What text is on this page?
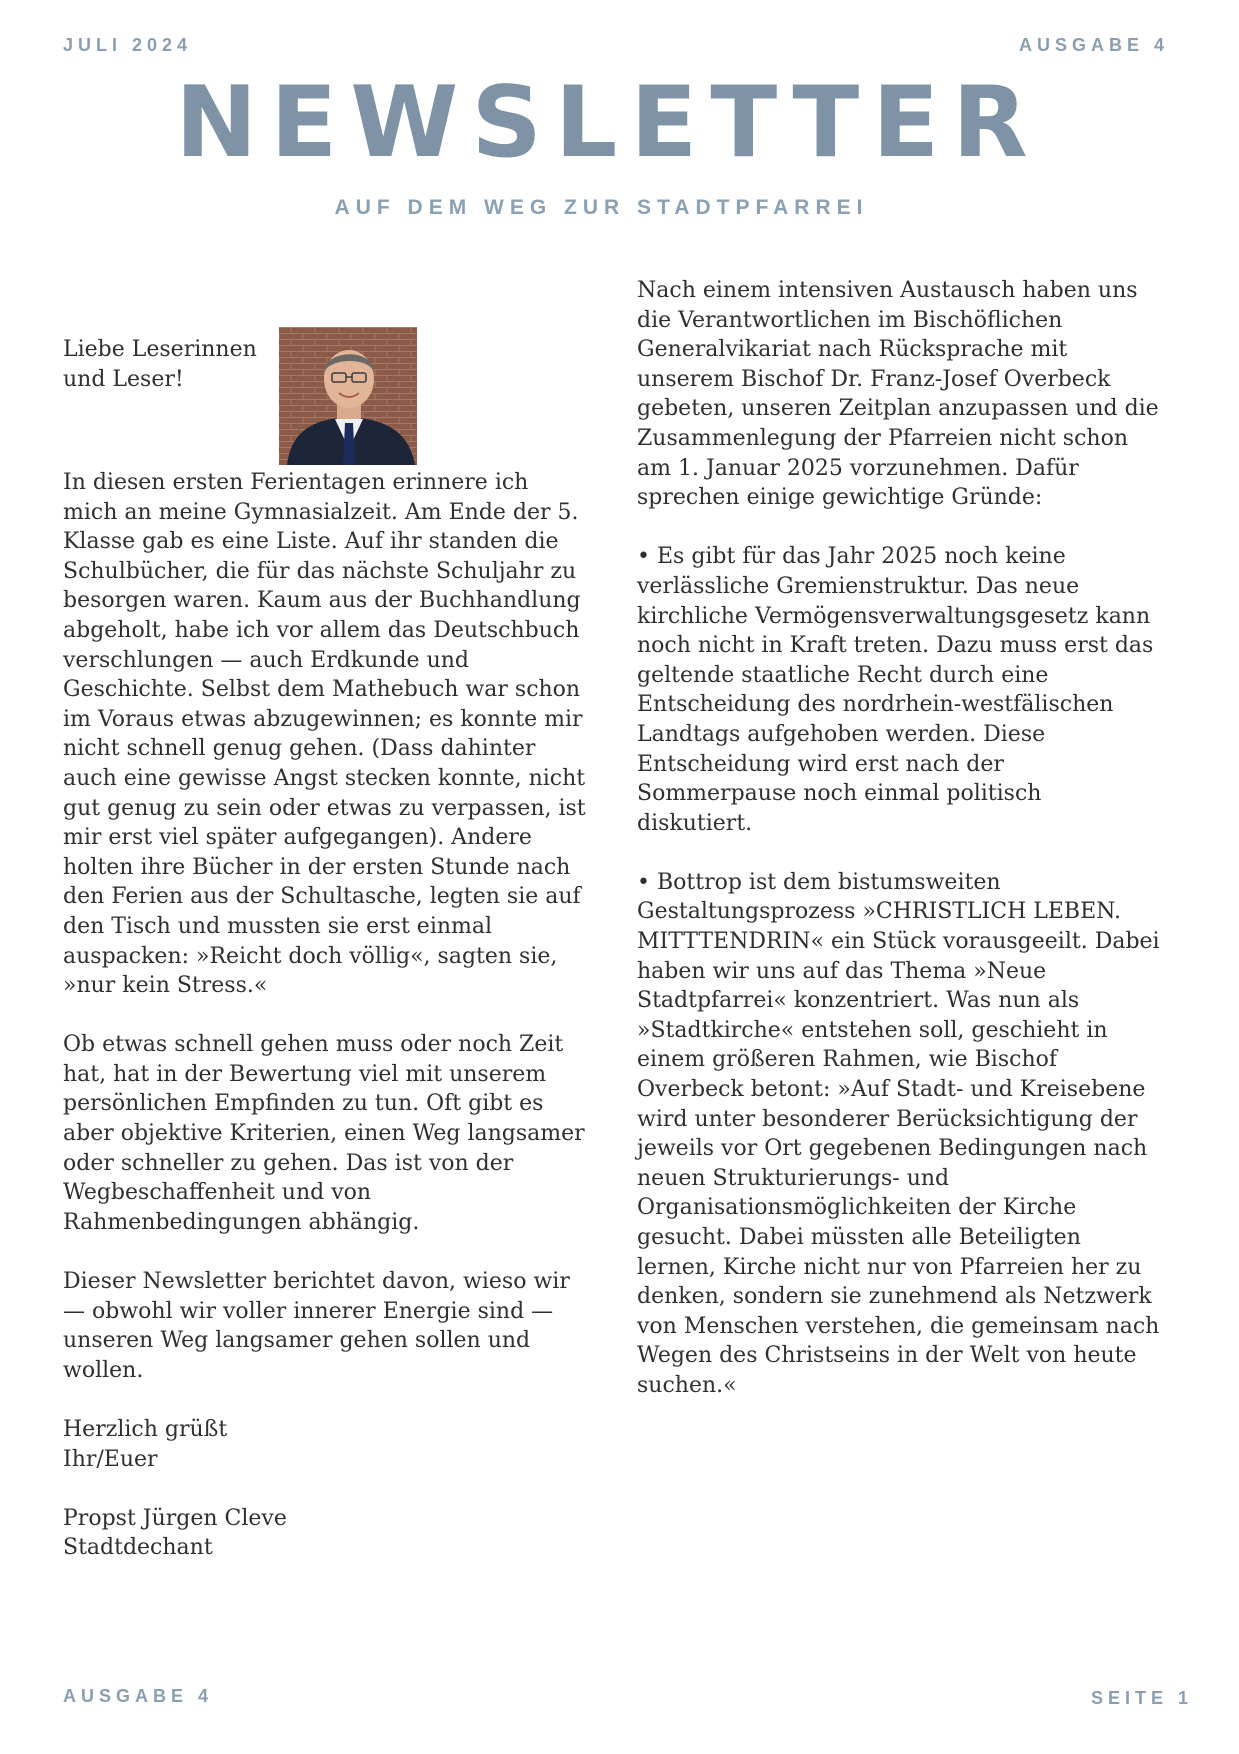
JULI 2024	AUSGABE 4
NEWSLETTER
AUF DEM WEG ZUR STADTPFARREI
Liebe Leserinnen
und Leser!

In diesen ersten Ferientagen erinnere ich
mich an meine Gymnasialzeit. Am Ende der 5.
Klasse gab es eine Liste. Auf ihr standen die
Schulbücher, die für das nächste Schuljahr zu
besorgen waren. Kaum aus der Buchhandlung
abgeholt, habe ich vor allem das Deutschbuch
verschlungen — auch Erdkunde und
Geschichte. Selbst dem Mathebuch war schon
im Voraus etwas abzugewinnen; es konnte mir
nicht schnell genug gehen. (Dass dahinter
auch eine gewisse Angst stecken konnte, nicht
gut genug zu sein oder etwas zu verpassen, ist
mir erst viel später aufgegangen). Andere
holten ihre Bücher in der ersten Stunde nach
den Ferien aus der Schultasche, legten sie auf
den Tisch und mussten sie erst einmal
auspacken: »Reicht doch völlig«, sagten sie,
»nur kein Stress.«

Ob etwas schnell gehen muss oder noch Zeit
hat, hat in der Bewertung viel mit unserem
persönlichen Empfinden zu tun. Oft gibt es
aber objektive Kriterien, einen Weg langsamer
oder schneller zu gehen. Das ist von der
Wegbeschaffenheit und von
Rahmenbedingungen abhängig.

Dieser Newsletter berichtet davon, wieso wir
— obwohl wir voller innerer Energie sind —
unseren Weg langsamer gehen sollen und
wollen.

Herzlich grüßt
Ihr/Euer

Propst Jürgen Cleve
Stadtdechant

Nach einem intensiven Austausch haben uns
die Verantwortlichen im Bischöflichen
Generalvikariat nach Rücksprache mit
unserem Bischof Dr. Franz-Josef Overbeck
gebeten, unseren Zeitplan anzupassen und die
Zusammenlegung der Pfarreien nicht schon
am 1. Januar 2025 vorzunehmen. Dafür
sprechen einige gewichtige Gründe:

• Es gibt für das Jahr 2025 noch keine
verlässliche Gremienstruktur. Das neue
kirchliche Vermögensverwaltungsgesetz kann
noch nicht in Kraft treten. Dazu muss erst das
geltende staatliche Recht durch eine
Entscheidung des nordrhein-westfälischen
Landtags aufgehoben werden. Diese
Entscheidung wird erst nach der
Sommerpause noch einmal politisch
diskutiert.

• Bottrop ist dem bistumsweiten
Gestaltungsprozess »CHRISTLICH LEBEN.
MITTTENDRIN« ein Stück vorausgeeilt. Dabei
haben wir uns auf das Thema »Neue
Stadtpfarrei« konzentriert. Was nun als
»Stadtkirche« entstehen soll, geschieht in
einem größeren Rahmen, wie Bischof
Overbeck betont: »Auf Stadt- und Kreisebene
wird unter besonderer Berücksichtigung der
jeweils vor Ort gegebenen Bedingungen nach
neuen Strukturierungs- und
Organisationsmöglichkeiten der Kirche
gesucht. Dabei müssten alle Beteiligten
lernen, Kirche nicht nur von Pfarreien her zu
denken, sondern sie zunehmend als Netzwerk
von Menschen verstehen, die gemeinsam nach
Wegen des Christseins in der Welt von heute
suchen.«

AUSGABE 4	SEITE 1
